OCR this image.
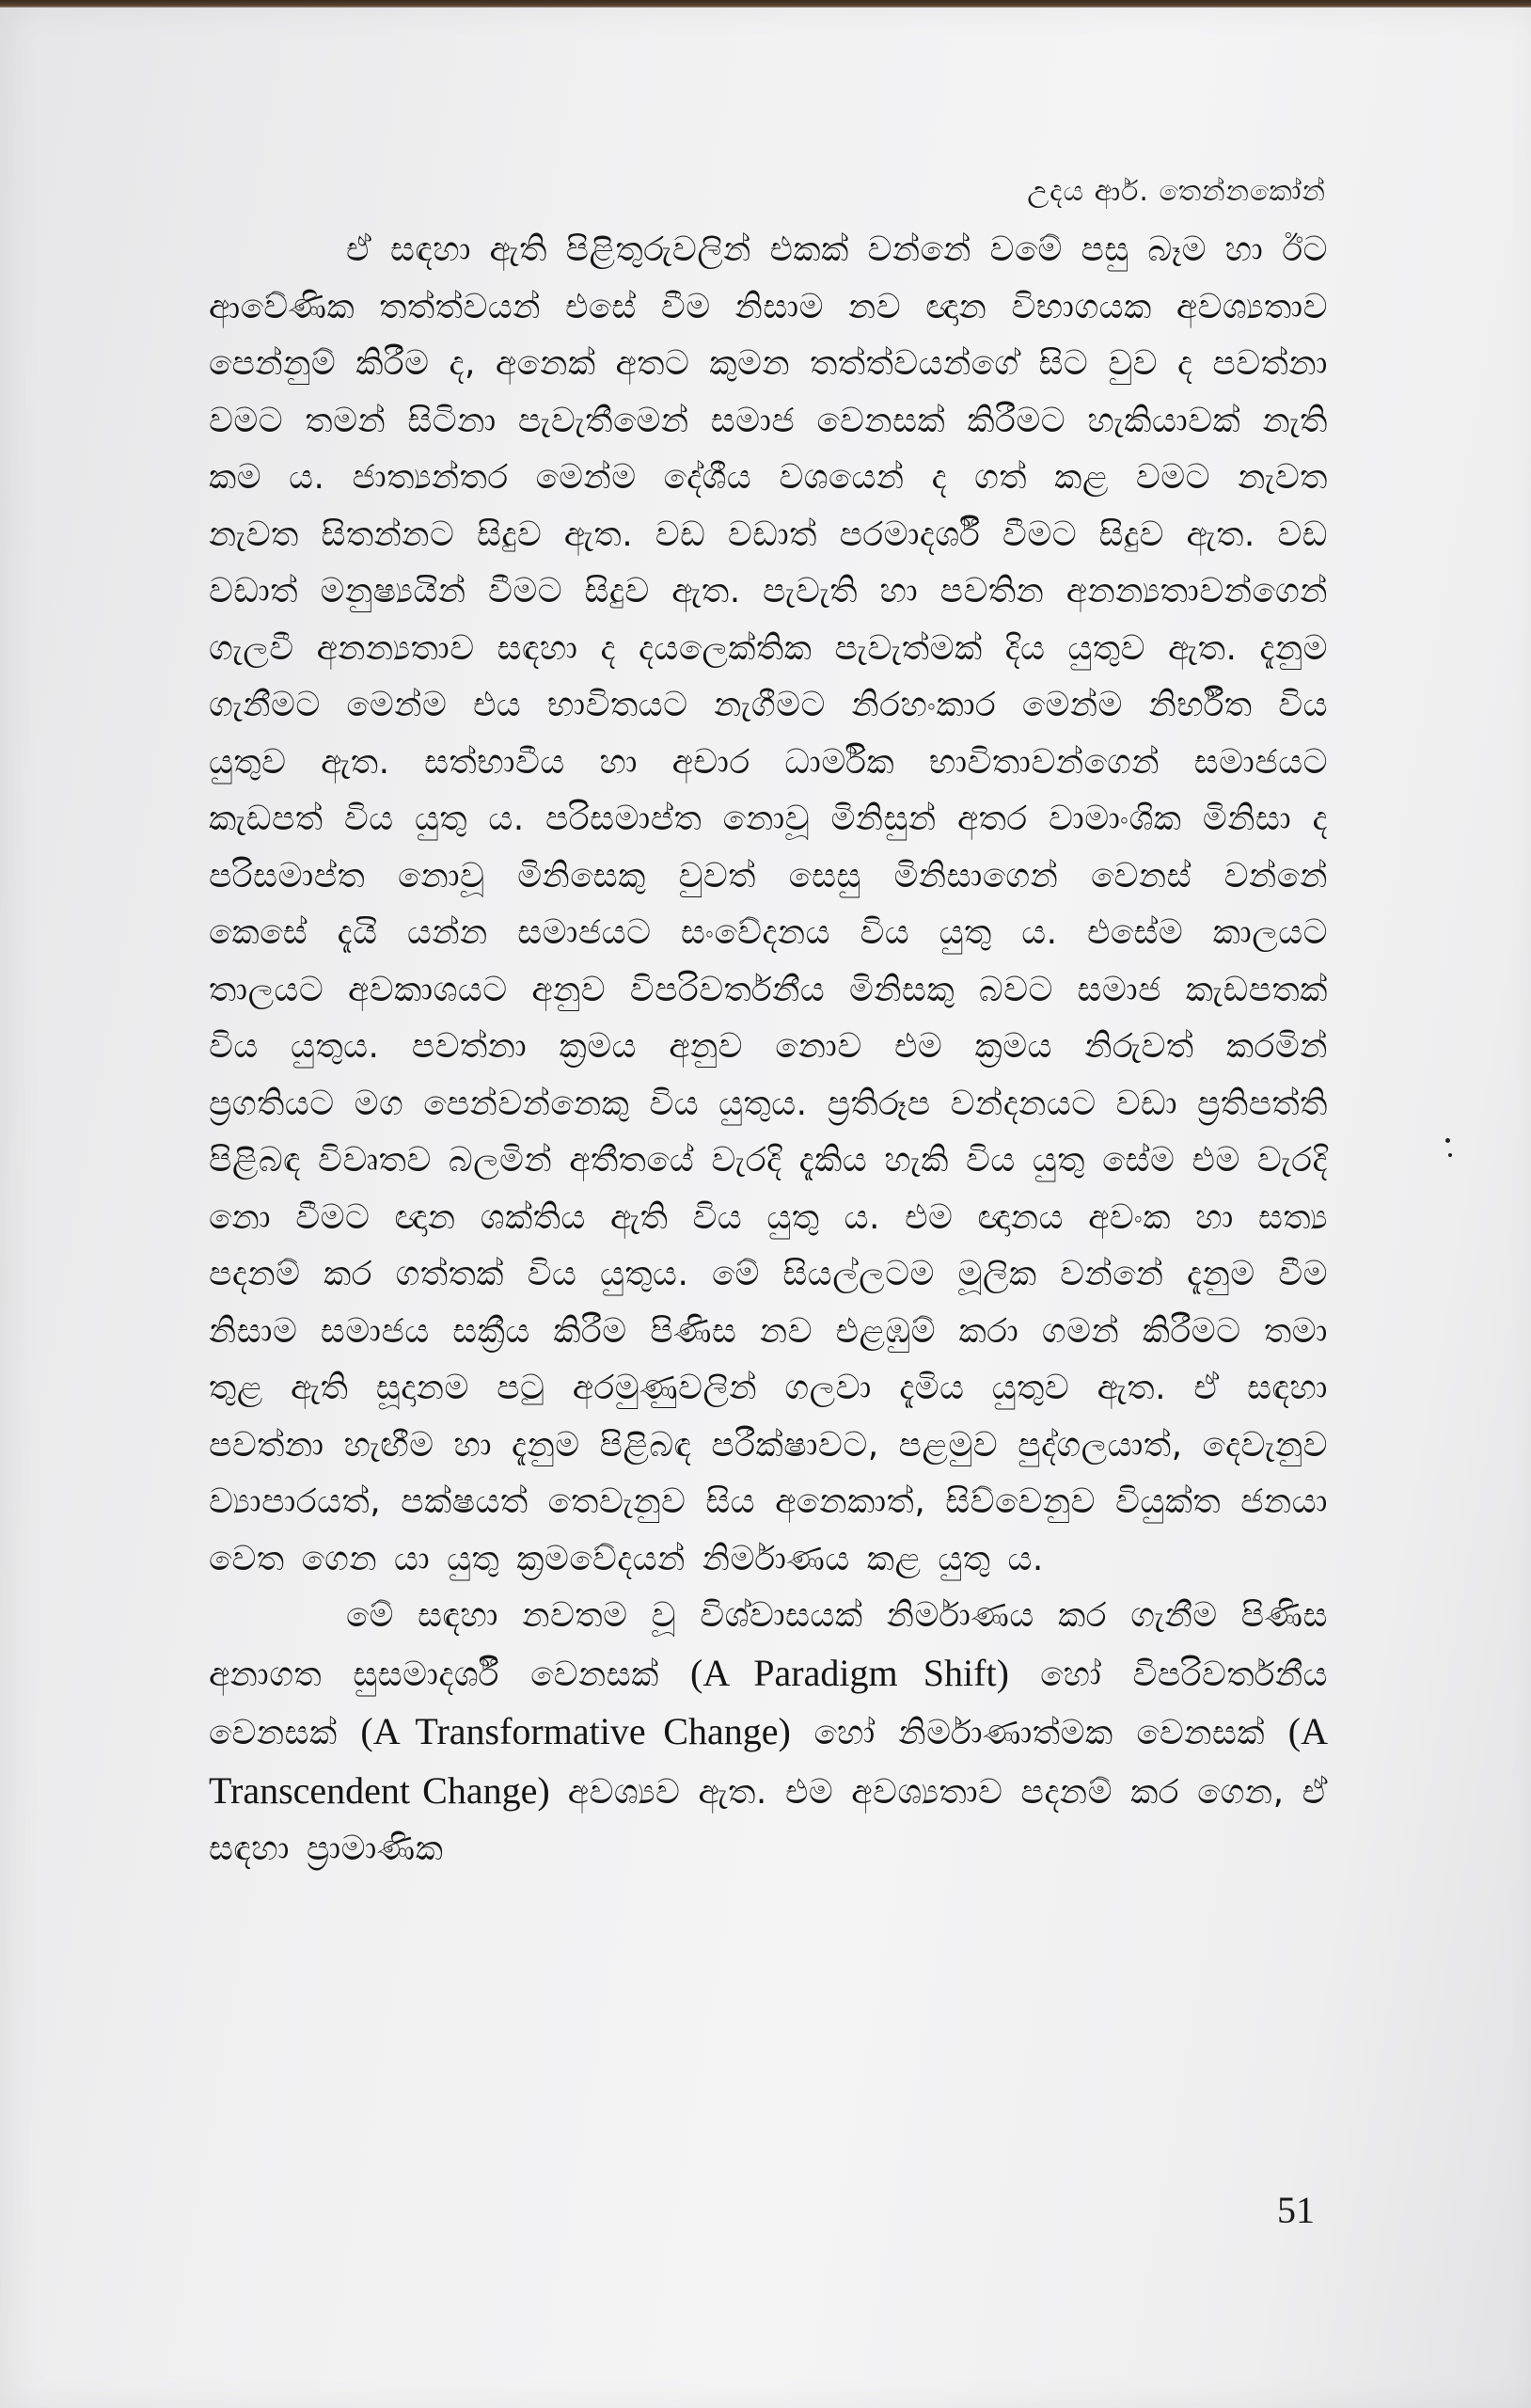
උදය ආර්. තෙන්නකෝන්

ඒ සඳහා ඇති පිළිතුරුවලින් එකක් වන්නේ වමේ පසු බෑම හා ඊට ආවේණික තත්ත්වයන් එසේ වීම නිසාම නව ඥාන විභාගයක අවශ්‍යතාව පෙන්නුම් කිරීම ද, අනෙක් අතට කුමන තත්ත්වයන්ගේ සිට වුව ද පවත්නා වමට තමන් සිටිනා පැවැතීමෙන් සමාජ වෙනසක් කිරීමට හැකියාවක් නැති කම ය. ජාත්‍යන්තර මෙන්ම දේශීය වශයෙන් ද ගත් කළ වමට නැවත නැවත සිතන්නට සිදුව ඇත. වඩ වඩාත් පරමාදර්ශී වීමට සිදුව ඇත. වඩ වඩාත් මනුෂ්‍යයින් වීමට සිදුව ඇත. පැවැති හා පවතින අනන්‍යතාවන්ගෙන් ගැලවී අනන්‍යතාව සඳහා ද දයලෙක්තික පැවැත්මක් දිය යුතුව ඇත. දැනුම ගැනීමට මෙන්ම එය භාවිතයට නැගීමට නිරහංකාර මෙන්ම නිර්භීත විය යුතුව ඇත. සත්භාවීය හා අචාර ධාර්මික භාවිතාවන්ගෙන් සමාජයට කැඩපත් විය යුතු ය. පරිසමාප්ත නොවූ මිනිසුන් අතර වාමාංශික මිනිසා ද පරිසමාප්ත නොවූ මිනිසෙකු වුවත් සෙසු මිනිසාගෙන් වෙනස් වන්නේ කෙසේ දැයි යන්න සමාජයට සංවේදනය විය යුතු ය. එසේම කාලයට තාලයට අවකාශයට අනුව විපරිවර්තනීය මිනිසකු බවට සමාජ කැඩපතක් විය යුතුය. පවත්නා ක්‍රමය අනුව නොව එම ක්‍රමය නිරුවත් කරමින් ප්‍රගතියට මග පෙන්වන්නෙකු විය යුතුය. ප්‍රතිරූප වන්දනයට වඩා ප්‍රතිපත්ති පිළිබඳ විවෘතව බලමින් අතීතයේ වැරදි දැකිය හැකි විය යුතු සේම එම වැරදි නො වීමට ඥාන ශක්තිය ඇති විය යුතු ය. එම ඥානය අවංක හා සත්‍ය පදනම් කර ගත්තක් විය යුතුය. මේ සියල්ලටම මූලික වන්නේ දැනුම වීම නිසාම සමාජය සක්‍රීය කිරීම පිණිස නව එළඹුම් කරා ගමන් කිරීමට තමා තුළ ඇති සූදානම පටු අරමුණුවලින් ගලවා දැමිය යුතුව ඇත. ඒ සඳහා පවත්නා හැඟීම හා දැනුම පිළිබඳ පරීක්ෂාවට, පළමුව පුද්ගලයාත්, දෙවැනුව ව්‍යාපාරයත්, පක්ෂයත් තෙවැනුව සිය අනෙකාත්, සිව්වෙනුව වියුක්ත ජනයා වෙත ගෙන යා යුතු ක්‍රමවේදයන් නිර්මාණය කළ යුතු ය.

මේ සඳහා නවතම වූ විශ්වාසයක් නිර්මාණය කර ගැනීම පිණිස අනාගත සුසමාදර්ශී වෙනසක් (A Paradigm Shift) හෝ විපරිවර්තනීය වෙනසක් (A Transformative Change) හෝ නිර්මාණාත්මක වෙනසක් (A Transcendent Change) අවශ්‍යව ඇත. එම අවශ්‍යතාව පදනම් කර ගෙන, ඒ සඳහා ප්‍රාමාණික

51
